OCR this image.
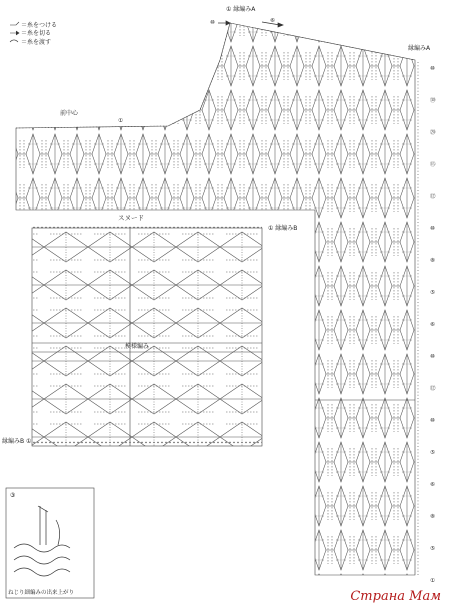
＝糸をつける
＝糸を切る
＝糸を渡す
① 縁編みA
縁編みA
前中心
スヌード
① 縁編みB
模様編み
縁編みB ①
③
ねじり細編みの出来上がり
⑩	⑥
①
⑩
㉚
⑳
⑮
⑫
⑩
⑧
⑤
⑥
⑩
⑫
⑩
⑤
⑥
⑧
⑤
①
Страна Мам
